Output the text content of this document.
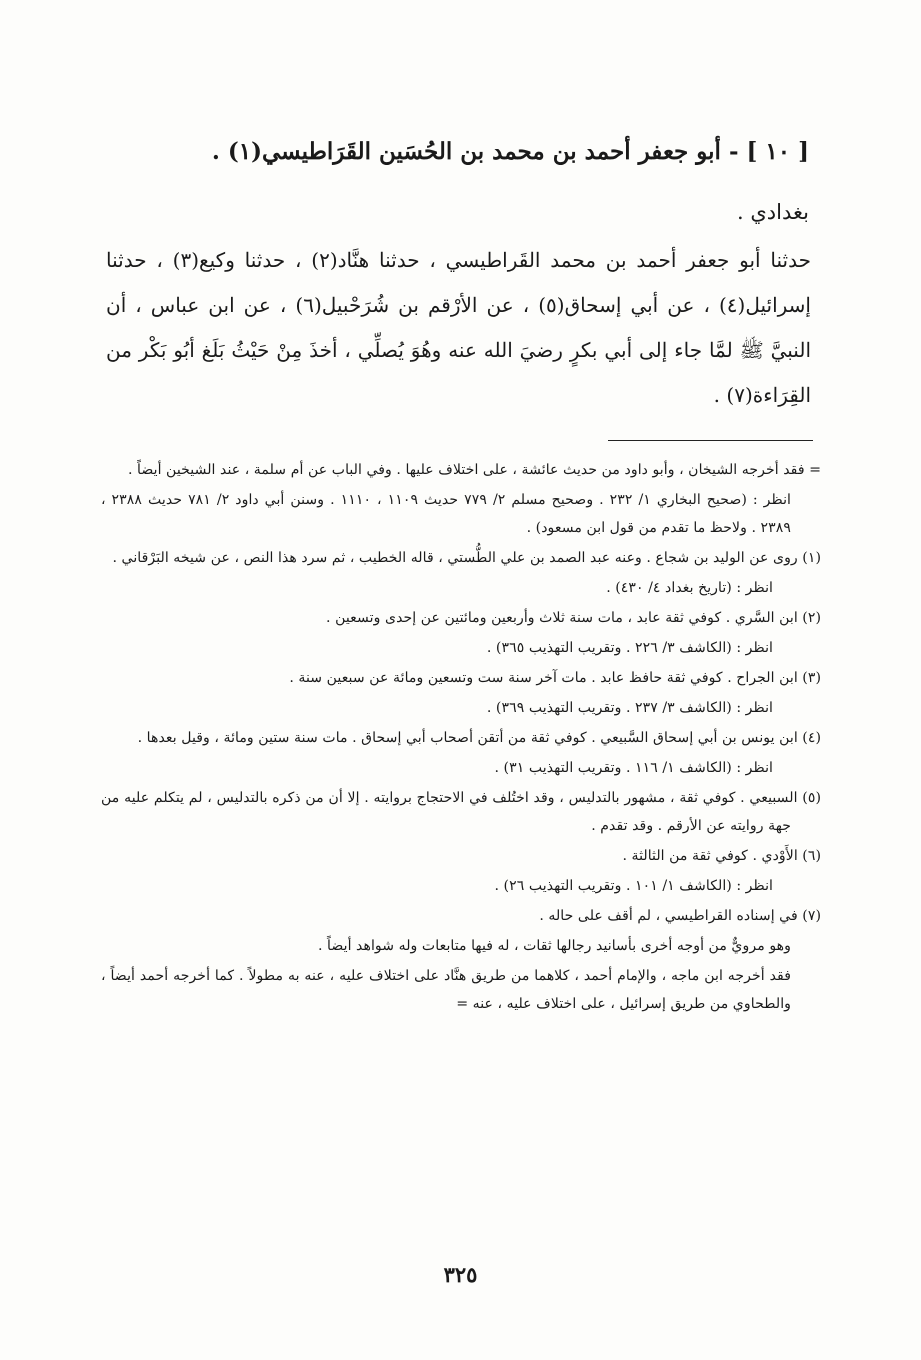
[ ١٠ ] - أبو جعفر أحمد بن محمد بن الحُسَين القَرَاطيسي(١) .
بغدادي .

حدثنا أبو جعفر أحمد بن محمد القَراطيسي ، حدثنا هنَّاد(٢) ، حدثنا وكيع(٣) ، حدثنا إسرائيل(٤) ، عن أبي إسحاق(٥) ، عن الأرْقم بن شُرَحْبيل(٦) ، عن ابن عباس ، أن النبيَّ ﷺ لمَّا جاء إلى أبي بكرٍ رضيَ الله عنه وهُوَ يُصلِّي ، أخذَ مِنْ حَيْثُ بَلَغ أبُو بَكْر من القِرَاءة(٧) .

= فقد أخرجه الشيخان ، وأبو داود من حديث عائشة ، على اختلاف عليها . وفي الباب عن أم سلمة ، عند الشيخين أيضاً .

انظر : (صحيح البخاري ١/ ٢٣٢ . وصحيح مسلم ٢/ ٧٧٩ حديث ١١٠٩ ، ١١١٠ . وسنن أبي داود ٢/ ٧٨١ حديث ٢٣٨٨ ، ٢٣٨٩ . ولاحظ ما تقدم من قول ابن مسعود) .

(١) روى عن الوليد بن شجاع . وعنه عبد الصمد بن علي الطُّستي ، قاله الخطيب ، ثم سرد هذا النص ، عن شيخه البَرْقاني .

انظر : (تاريخ بغداد ٤/ ٤٣٠) .

(٢) ابن السَّري . كوفي ثقة عابد ، مات سنة ثلاث وأربعين ومائتين عن إحدى وتسعين .

انظر : (الكاشف ٣/ ٢٢٦ . وتقريب التهذيب ٣٦٥) .

(٣) ابن الجراح . كوفي ثقة حافظ عابد . مات آخر سنة ست وتسعين ومائة عن سبعين سنة .

انظر : (الكاشف ٣/ ٢٣٧ . وتقريب التهذيب ٣٦٩) .

(٤) ابن يونس بن أبي إسحاق السَّبيعي . كوفي ثقة من أتقن أصحاب أبي إسحاق . مات سنة ستين ومائة ، وقيل بعدها .

انظر : (الكاشف ١/ ١١٦ . وتقريب التهذيب ٣١) .

(٥) السبيعي . كوفي ثقة ، مشهور بالتدليس ، وقد اختُلف في الاحتجاج بروايته . إلا أن من ذكره بالتدليس ، لم يتكلم عليه من جهة روايته عن الأرقم . وقد تقدم .

(٦) الأَوْدي . كوفي ثقة من الثالثة .

انظر : (الكاشف ١/ ١٠١ . وتقريب التهذيب ٢٦) .

(٧) في إسناده القراطيسي ، لم أقف على حاله .

وهو مرويٌّ من أوجه أخرى بأسانيد رجالها ثقات ، له فيها متابعات وله شواهد أيضاً .

فقد أخرجه ابن ماجه ، والإمام أحمد ، كلاهما من طريق هنَّاد على اختلاف عليه ، عنه به مطولاً . كما أخرجه أحمد أيضاً ، والطحاوي من طريق إسرائيل ، على اختلاف عليه ، عنه =

٣٢٥
